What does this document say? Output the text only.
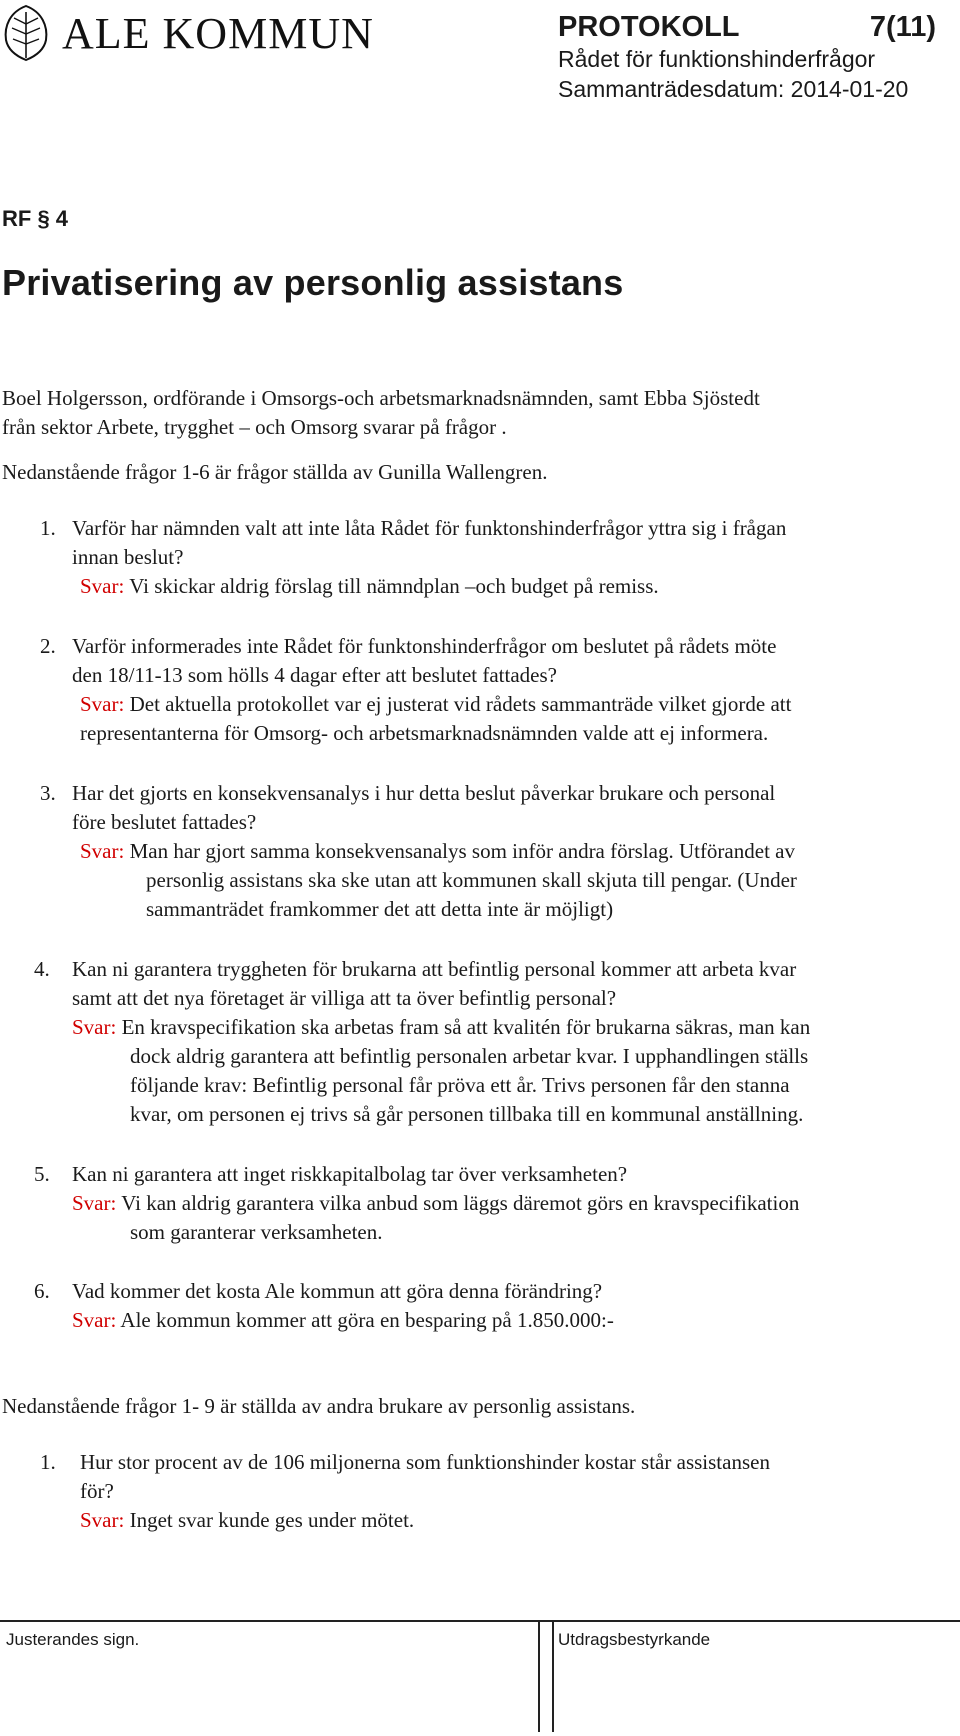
ALE KOMMUN	PROTOKOLL	7(11)
Rådet för funktionshinderfrågor
Sammanträdesdatum: 2014-01-20
RF § 4
Privatisering av personlig assistans
Boel Holgersson, ordförande i Omsorgs-och arbetsmarknadsnämnden, samt Ebba Sjöstedt
från sektor Arbete, trygghet – och Omsorg svarar på frågor .
Nedanstående frågor 1-6 är frågor ställda av Gunilla Wallengren.
1. Varför har nämnden valt att inte låta Rådet för funktonshinderfrågor yttra sig i frågan
innan beslut?
Svar: Vi skickar aldrig förslag till nämndplan –och budget på remiss.
2. Varför informerades inte Rådet för funktonshinderfrågor om beslutet på rådets möte
den 18/11-13 som hölls 4 dagar efter att beslutet fattades?
Svar: Det aktuella protokollet var ej justerat vid rådets sammanträde vilket gjorde att
representanterna för Omsorg- och arbetsmarknadsnämnden valde att ej informera.
3. Har det gjorts en konsekvensanalys i hur detta beslut påverkar brukare och personal
före beslutet fattades?
Svar: Man har gjort samma konsekvensanalys som inför andra förslag. Utförandet av
personlig assistans ska ske utan att kommunen skall skjuta till pengar. (Under
sammanträdet framkommer det att detta inte är möjligt)
4. Kan ni garantera tryggheten för brukarna att befintlig personal kommer att arbeta kvar
samt att det nya företaget är villiga att ta över befintlig personal?
Svar: En kravspecifikation ska arbetas fram så att kvalitén för brukarna säkras, man kan
dock aldrig garantera att befintlig personalen arbetar kvar. I upphandlingen ställs
följande krav: Befintlig personal får pröva ett år. Trivs personen får den stanna
kvar, om personen ej trivs så går personen tillbaka till en kommunal anställning.
5. Kan ni garantera att inget riskkapitalbolag tar över verksamheten?
Svar: Vi kan aldrig garantera vilka anbud som läggs däremot görs en kravspecifikation
som garanterar verksamheten.
6. Vad kommer det kosta Ale kommun att göra denna förändring?
Svar: Ale kommun kommer att göra en besparing på 1.850.000:-
Nedanstående frågor 1- 9 är ställda av andra brukare av personlig assistans.
1. Hur stor procent av de 106 miljonerna som funktionshinder kostar står assistansen
för?
Svar: Inget svar kunde ges under mötet.
Justerandes sign.	Utdragsbestyrkande
